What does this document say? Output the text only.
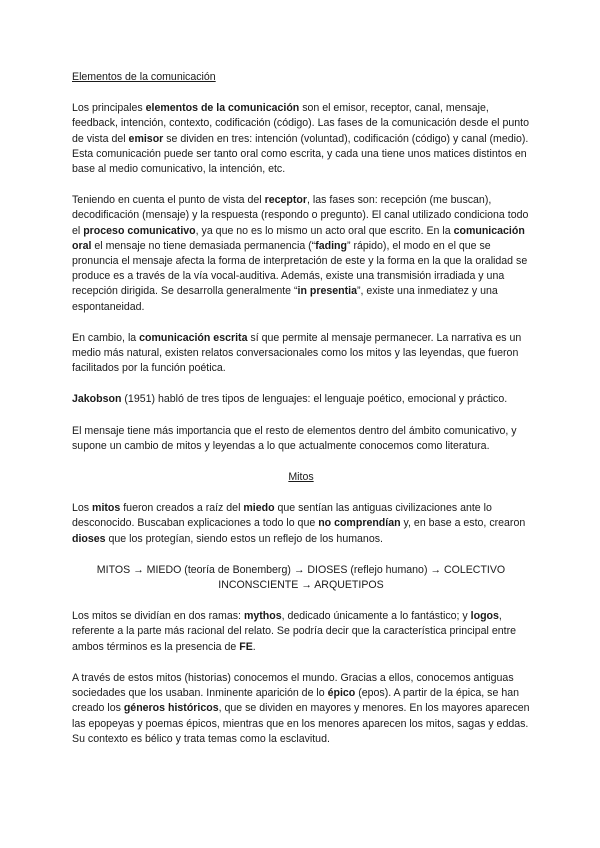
Elementos de la comunicación

Los principales elementos de la comunicación son el emisor, receptor, canal, mensaje, feedback, intención, contexto, codificación (código). Las fases de la comunicación desde el punto de vista del emisor se dividen en tres: intención (voluntad), codificación (código) y canal (medio). Esta comunicación puede ser tanto oral como escrita, y cada una tiene unos matices distintos en base al medio comunicativo, la intención, etc.

Teniendo en cuenta el punto de vista del receptor, las fases son: recepción (me buscan), decodificación (mensaje) y la respuesta (respondo o pregunto). El canal utilizado condiciona todo el proceso comunicativo, ya que no es lo mismo un acto oral que escrito. En la comunicación oral el mensaje no tiene demasiada permanencia (“fading” rápido), el modo en el que se pronuncia el mensaje afecta la forma de interpretación de este y la forma en la que la oralidad se produce es a través de la vía vocal-auditiva. Además, existe una transmisión irradiada y una recepción dirigida. Se desarrolla generalmente “in presentia”, existe una inmediatez y una espontaneidad.

En cambio, la comunicación escrita sí que permite al mensaje permanecer. La narrativa es un medio más natural, existen relatos conversacionales como los mitos y las leyendas, que fueron facilitados por la función poética.

Jakobson (1951) habló de tres tipos de lenguajes: el lenguaje poético, emocional y práctico.

El mensaje tiene más importancia que el resto de elementos dentro del ámbito comunicativo, y supone un cambio de mitos y leyendas a lo que actualmente conocemos como literatura.

Mitos

Los mitos fueron creados a raíz del miedo que sentían las antiguas civilizaciones ante lo desconocido. Buscaban explicaciones a todo lo que no comprendían y, en base a esto, crearon dioses que los protegían, siendo estos un reflejo de los humanos.

MITOS → MIEDO (teoría de Bonemberg) → DIOSES (reflejo humano) → COLECTIVO
INCONSCIENTE → ARQUETIPOS

Los mitos se dividían en dos ramas: mythos, dedicado únicamente a lo fantástico; y logos, referente a la parte más racional del relato. Se podría decir que la característica principal entre ambos términos es la presencia de FE.

A través de estos mitos (historias) conocemos el mundo. Gracias a ellos, conocemos antiguas sociedades que los usaban. Inminente aparición de lo épico (epos). A partir de la épica, se han creado los géneros históricos, que se dividen en mayores y menores. En los mayores aparecen las epopeyas y poemas épicos, mientras que en los menores aparecen los mitos, sagas y eddas. Su contexto es bélico y trata temas como la esclavitud.
